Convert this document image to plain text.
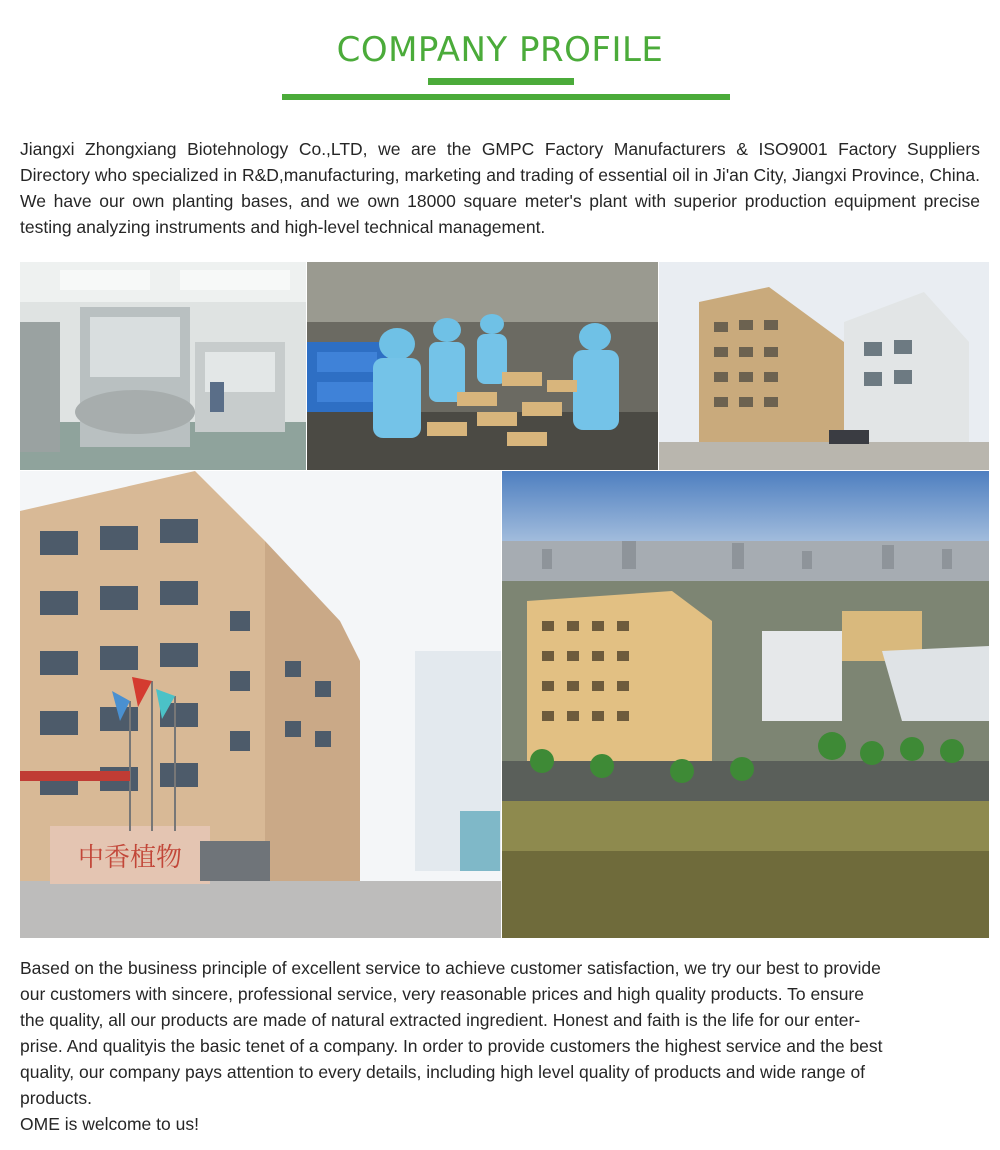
COMPANY PROFILE

Jiangxi Zhongxiang Biotehnology Co.,LTD, we are the GMPC Factory Manufacturers & ISO9001 Factory Suppliers Directory who specialized in R&D,manufacturing, marketing and trading of essential oil in Ji'an City, Jiangxi Province, China. We have our own planting bases, and we own 18000 square meter's plant with superior production equipment precise testing analyzing instruments and high-level technical management.

中香植物
Based on the business principle of excellent service to achieve customer satisfaction, we try our best to provide
our customers with sincere, professional service, very reasonable prices and high quality products. To ensure
the quality, all our products are made of natural extracted ingredient. Honest and faith is the life for our enter-
prise. And qualityis the basic tenet of a company. In order to provide customers the highest service and the best
quality, our company pays attention to every details, including high level quality of products and wide range of
products.
OME is welcome to us!
